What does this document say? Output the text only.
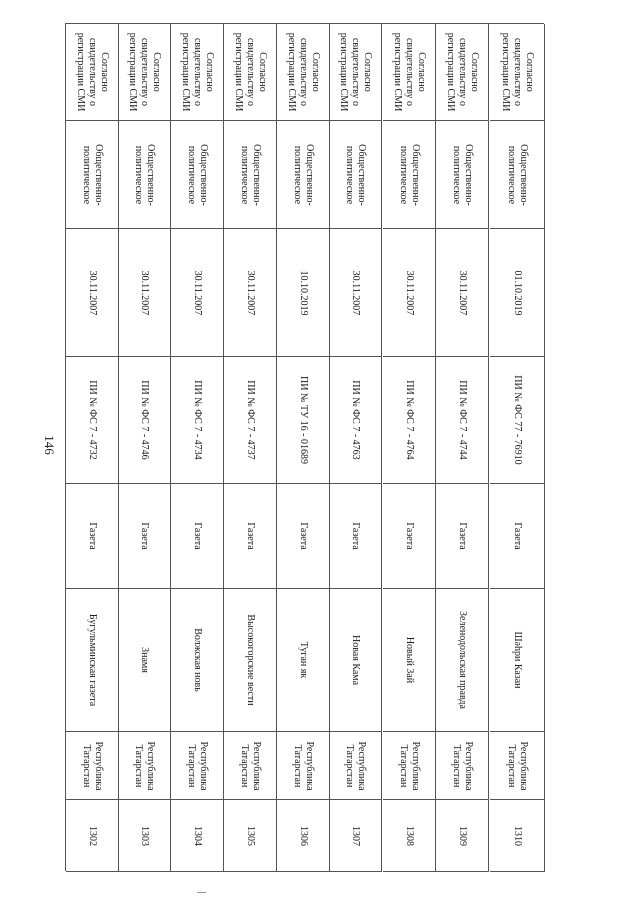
146
1302
Республика
Татарстан
Бугульминская газета
Газета
ПИ № ФС 7 - 4732
30.11.2007
Общественно-
политическое
Согласно
свидетельству о
регистрации СМИ
1303
Республика
Татарстан
Знамя
Газета
ПИ № ФС 7 - 4746
30.11.2007
Общественно-
политическое
Согласно
свидетельству о
регистрации СМИ
1304
Республика
Татарстан
Волжская новь
Газета
ПИ № ФС 7 - 4734
30.11.2007
Общественно-
политическое
Согласно
свидетельству о
регистрации СМИ
1305
Республика
Татарстан
Высокогорские вести
Газета
ПИ № ФС 7 - 4737
30.11.2007
Общественно-
политическое
Согласно
свидетельству о
регистрации СМИ
1306
Республика
Татарстан
Туган як
Газета
ПИ № ТУ 16 - 01689
10.10.2019
Общественно-
политическое
Согласно
свидетельству о
регистрации СМИ
1307
Республика
Татарстан
Новая Кама
Газета
ПИ № ФС 7 - 4763
30.11.2007
Общественно-
политическое
Согласно
свидетельству о
регистрации СМИ
1308
Республика
Татарстан
Новый Зай
Газета
ПИ № ФС 7 - 4764
30.11.2007
Общественно-
политическое
Согласно
свидетельству о
регистрации СМИ
1309
Республика
Татарстан
Зеленодольская правда
Газета
ПИ № ФС 7 - 4744
30.11.2007
Общественно-
политическое
Согласно
свидетельству о
регистрации СМИ
1310
Республика
Татарстан
Шәһри Казан
Газета
ПИ № ФС 77 - 76910
01.10.2019
Общественно-
политическое
Согласно
свидетельству о
регистрации СМИ
